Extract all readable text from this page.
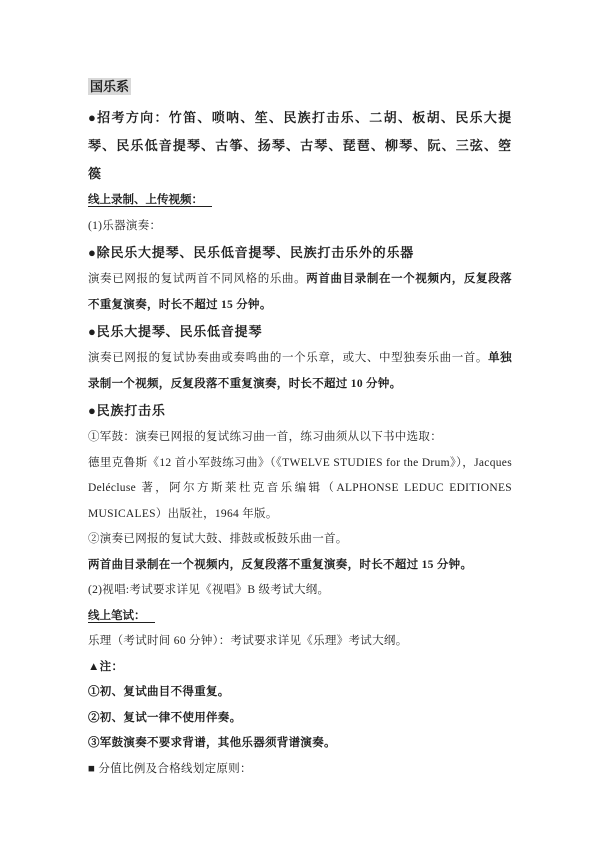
国乐系

●招考方向：竹笛、唢呐、笙、民族打击乐、二胡、板胡、民乐大提琴、民乐低音提琴、古筝、扬琴、古琴、琵琶、柳琴、阮、三弦、箜篌

线上录制、上传视频：

(1)乐器演奏：

●除民乐大提琴、民乐低音提琴、民族打击乐外的乐器

演奏已网报的复试两首不同风格的乐曲。两首曲目录制在一个视频内，反复段落不重复演奏，时长不超过 15 分钟。

●民乐大提琴、民乐低音提琴

演奏已网报的复试协奏曲或奏鸣曲的一个乐章，或大、中型独奏乐曲一首。单独录制一个视频，反复段落不重复演奏，时长不超过 10 分钟。

●民族打击乐

①军鼓：演奏已网报的复试练习曲一首，练习曲须从以下书中选取：

德里克鲁斯《12 首小军鼓练习曲》（《TWELVE STUDIES for the Drum》），Jacques Delécluse 著，阿尔方斯莱杜克音乐编辑（ALPHONSE LEDUC EDITIONES MUSICALES）出版社，1964 年版。

②演奏已网报的复试大鼓、排鼓或板鼓乐曲一首。

两首曲目录制在一个视频内，反复段落不重复演奏，时长不超过 15 分钟。

(2)视唱:考试要求详见《视唱》B 级考试大纲。

线上笔试：

乐理（考试时间 60 分钟）：考试要求详见《乐理》考试大纲。

▲注：

①初、复试曲目不得重复。

②初、复试一律不使用伴奏。

③军鼓演奏不要求背谱，其他乐器须背谱演奏。

■ 分值比例及合格线划定原则：
